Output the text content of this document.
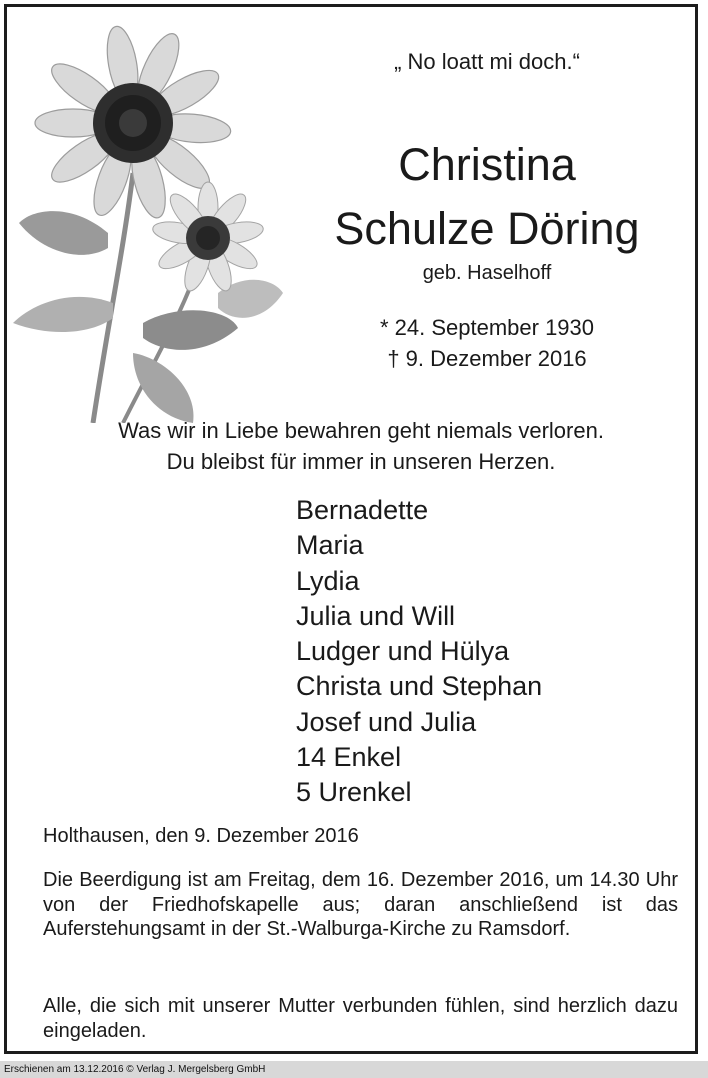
„ No loatt mi doch.“
Christina
Schulze Döring
geb. Haselhoff
* 24. September 1930
† 9. Dezember 2016
Was wir in Liebe bewahren geht niemals verloren.
Du bleibst für immer in unseren Herzen.
Bernadette
Maria
Lydia
Julia und Will
Ludger und Hülya
Christa und Stephan
Josef und Julia
14 Enkel
5 Urenkel
Holthausen, den 9. Dezember 2016

Die Beerdigung ist am Freitag, dem 16. Dezember 2016, um 14.30 Uhr von der Friedhofskapelle aus; daran anschließend ist das Auferstehungsamt in der St.-Walburga-Kirche zu Ramsdorf.

Alle, die sich mit unserer Mutter verbunden fühlen, sind herzlich dazu eingeladen.

Erschienen am 13.12.2016 © Verlag J. Mergelsberg GmbH
